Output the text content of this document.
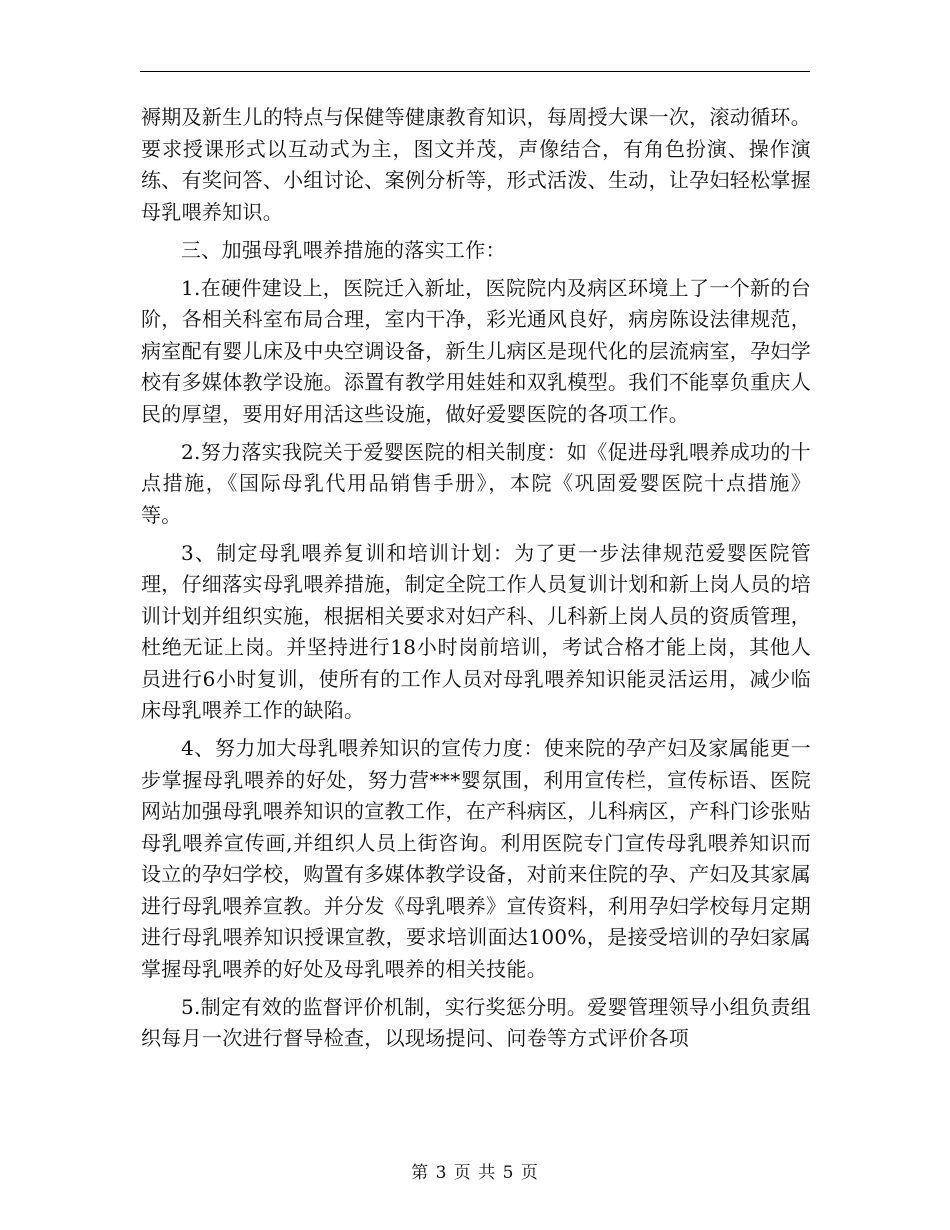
褥期及新生儿的特点与保健等健康教育知识，每周授大课一次，滚动循环。要求授课形式以互动式为主，图文并茂，声像结合，有角色扮演、操作演练、有奖问答、小组讨论、案例分析等，形式活泼、生动，让孕妇轻松掌握母乳喂养知识。

三、加强母乳喂养措施的落实工作：

1.在硬件建设上，医院迁入新址，医院院内及病区环境上了一个新的台阶，各相关科室布局合理，室内干净，彩光通风良好，病房陈设法律规范，病室配有婴儿床及中央空调设备，新生儿病区是现代化的层流病室，孕妇学校有多媒体教学设施。添置有教学用娃娃和双乳模型。我们不能辜负重庆人民的厚望，要用好用活这些设施，做好爱婴医院的各项工作。

2.努力落实我院关于爱婴医院的相关制度：如《促进母乳喂养成功的十点措施，《国际母乳代用品销售手册》，本院《巩固爱婴医院十点措施》等。

3、制定母乳喂养复训和培训计划：为了更一步法律规范爱婴医院管理，仔细落实母乳喂养措施，制定全院工作人员复训计划和新上岗人员的培训计划并组织实施，根据相关要求对妇产科、儿科新上岗人员的资质管理，杜绝无证上岗。并坚持进行18小时岗前培训，考试合格才能上岗，其他人员进行6小时复训，使所有的工作人员对母乳喂养知识能灵活运用，减少临床母乳喂养工作的缺陷。

4、努力加大母乳喂养知识的宣传力度：使来院的孕产妇及家属能更一步掌握母乳喂养的好处，努力营***婴氛围，利用宣传栏，宣传标语、医院网站加强母乳喂养知识的宣教工作，在产科病区，儿科病区，产科门诊张贴母乳喂养宣传画,并组织人员上街咨询。利用医院专门宣传母乳喂养知识而设立的孕妇学校，购置有多媒体教学设备，对前来住院的孕、产妇及其家属进行母乳喂养宣教。并分发《母乳喂养》宣传资料，利用孕妇学校每月定期进行母乳喂养知识授课宣教，要求培训面达100%，是接受培训的孕妇家属掌握母乳喂养的好处及母乳喂养的相关技能。

5.制定有效的监督评价机制，实行奖惩分明。爱婴管理领导小组负责组织每月一次进行督导检查，以现场提问、问卷等方式评价各项

第 3 页 共 5 页
